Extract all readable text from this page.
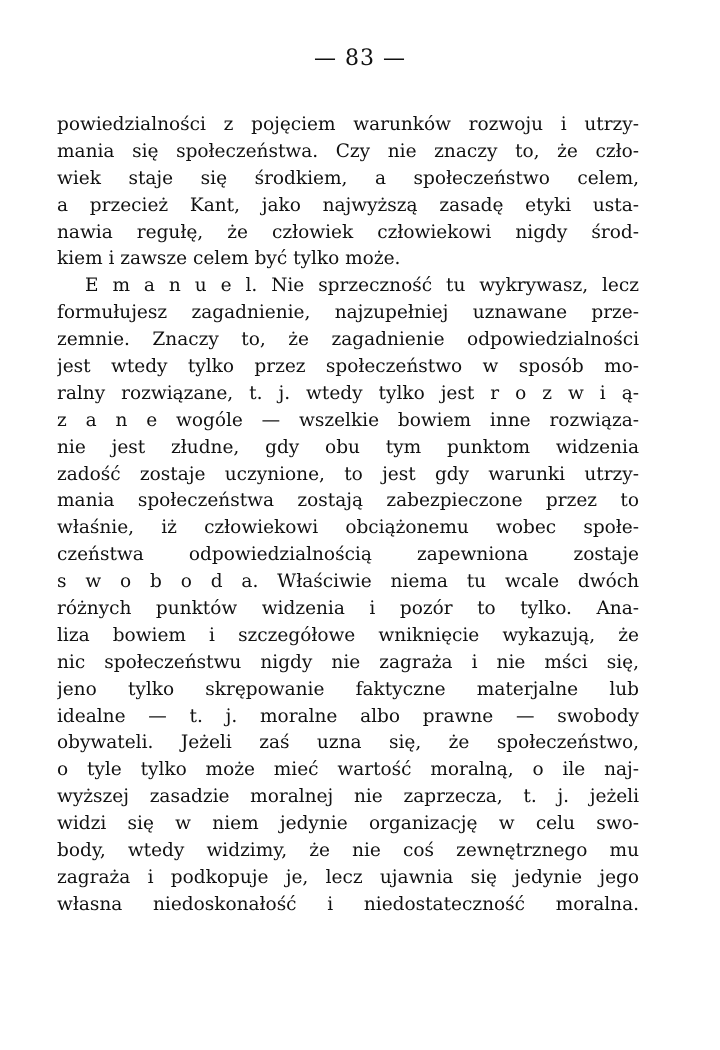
— 83 —
powiedzialności z pojęciem warunków rozwoju i utrzy-
mania się społeczeństwa. Czy nie znaczy to, że czło-
wiek staje się środkiem, a społeczeństwo celem,
a przecież Kant, jako najwyższą zasadę etyki usta-
nawia regułę, że człowiek człowiekowi nigdy środ-
kiem i zawsze celem być tylko może.
E m a n u e l. Nie sprzeczność tu wykrywasz, lecz
formułujesz zagadnienie, najzupełniej uznawane prze-
zemnie. Znaczy to, że zagadnienie odpowiedzialności
jest wtedy tylko przez społeczeństwo w sposób mo-
ralny rozwiązane, t. j. wtedy tylko jest r o z w i ą-
z a n e wogóle — wszelkie bowiem inne rozwiąza-
nie jest złudne, gdy obu tym punktom widzenia
zadość zostaje uczynione, to jest gdy warunki utrzy-
mania społeczeństwa zostają zabezpieczone przez to
właśnie, iż człowiekowi obciążonemu wobec społe-
czeństwa odpowiedzialnością zapewniona zostaje
s w o b o d a. Właściwie niema tu wcale dwóch
różnych punktów widzenia i pozór to tylko. Ana-
liza bowiem i szczegółowe wniknięcie wykazują, że
nic społeczeństwu nigdy nie zagraża i nie mści się,
jeno tylko skrępowanie faktyczne materjalne lub
idealne — t. j. moralne albo prawne — swobody
obywateli. Jeżeli zaś uzna się, że społeczeństwo,
o tyle tylko może mieć wartość moralną, o ile naj-
wyższej zasadzie moralnej nie zaprzecza, t. j. jeżeli
widzi się w niem jedynie organizację w celu swo-
body, wtedy widzimy, że nie coś zewnętrznego mu
zagraża i podkopuje je, lecz ujawnia się jedynie jego
własna niedoskonałość i niedostateczność moralna.
